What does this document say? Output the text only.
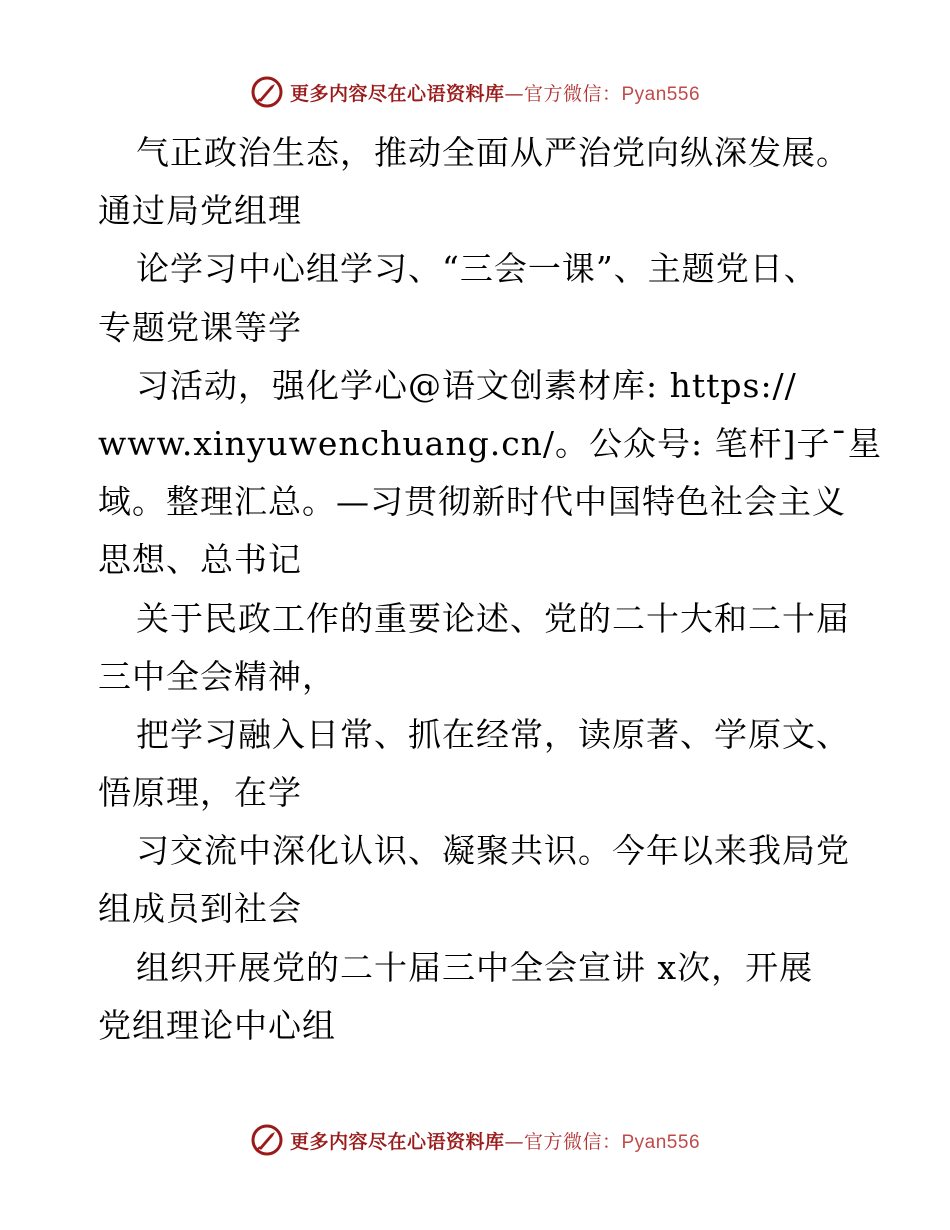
更多内容尽在心语资料库—官方微信：Pyan556
气正政治生态，推动全面从严治党向纵深发展。
通过局党组理
论学习中心组学习、“三会一课”、主题党日、
专题党课等学
习活动，强化学心@语文创素材库: https://
www.xinyuwenchuang.cn/。公众号: 笔杆]子¯星
域。整理汇总。—习贯彻新时代中国特色社会主义
思想、总书记
关于民政工作的重要论述、党的二十大和二十届
三中全会精神，
把学习融入日常、抓在经常，读原著、学原文、
悟原理，在学
习交流中深化认识、凝聚共识。今年以来我局党
组成员到社会
组织开展党的二十届三中全会宣讲 x次，开展
党组理论中心组
更多内容尽在心语资料库—官方微信：Pyan556
